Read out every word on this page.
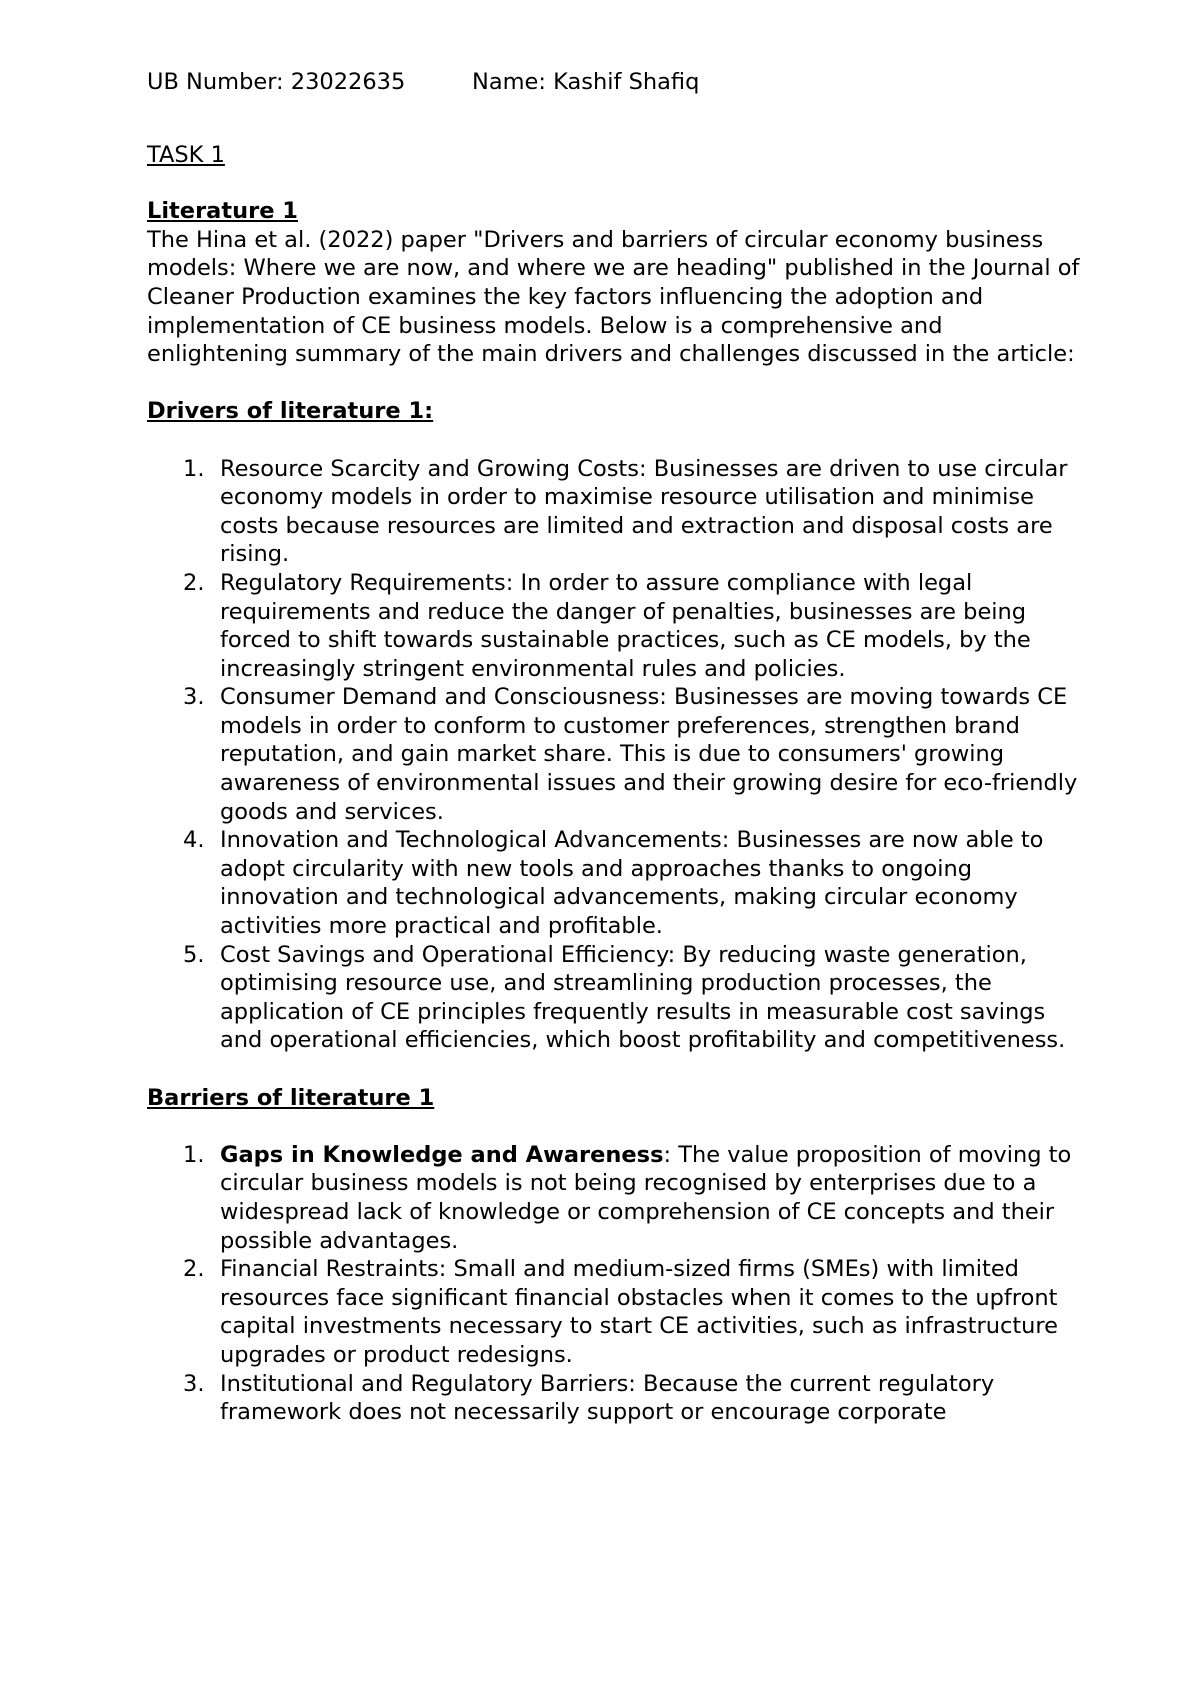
UB Number: 23022635	Name: Kashif Shafiq

TASK 1

Literature 1

The Hina et al. (2022) paper "Drivers and barriers of circular economy business models: Where we are now, and where we are heading" published in the Journal of Cleaner Production examines the key factors influencing the adoption and implementation of CE business models. Below is a comprehensive and enlightening summary of the main drivers and challenges discussed in the article:

Drivers of literature 1:

1. Resource Scarcity and Growing Costs: Businesses are driven to use circular economy models in order to maximise resource utilisation and minimise costs because resources are limited and extraction and disposal costs are rising.
2. Regulatory Requirements: In order to assure compliance with legal requirements and reduce the danger of penalties, businesses are being forced to shift towards sustainable practices, such as CE models, by the increasingly stringent environmental rules and policies.
3. Consumer Demand and Consciousness: Businesses are moving towards CE models in order to conform to customer preferences, strengthen brand reputation, and gain market share. This is due to consumers' growing awareness of environmental issues and their growing desire for eco-friendly goods and services.
4. Innovation and Technological Advancements: Businesses are now able to adopt circularity with new tools and approaches thanks to ongoing innovation and technological advancements, making circular economy activities more practical and profitable.
5. Cost Savings and Operational Efficiency: By reducing waste generation, optimising resource use, and streamlining production processes, the application of CE principles frequently results in measurable cost savings and operational efficiencies, which boost profitability and competitiveness.

Barriers of literature 1

1. Gaps in Knowledge and Awareness: The value proposition of moving to circular business models is not being recognised by enterprises due to a widespread lack of knowledge or comprehension of CE concepts and their possible advantages.
2. Financial Restraints: Small and medium-sized firms (SMEs) with limited resources face significant financial obstacles when it comes to the upfront capital investments necessary to start CE activities, such as infrastructure upgrades or product redesigns.
3. Institutional and Regulatory Barriers: Because the current regulatory framework does not necessarily support or encourage corporate
